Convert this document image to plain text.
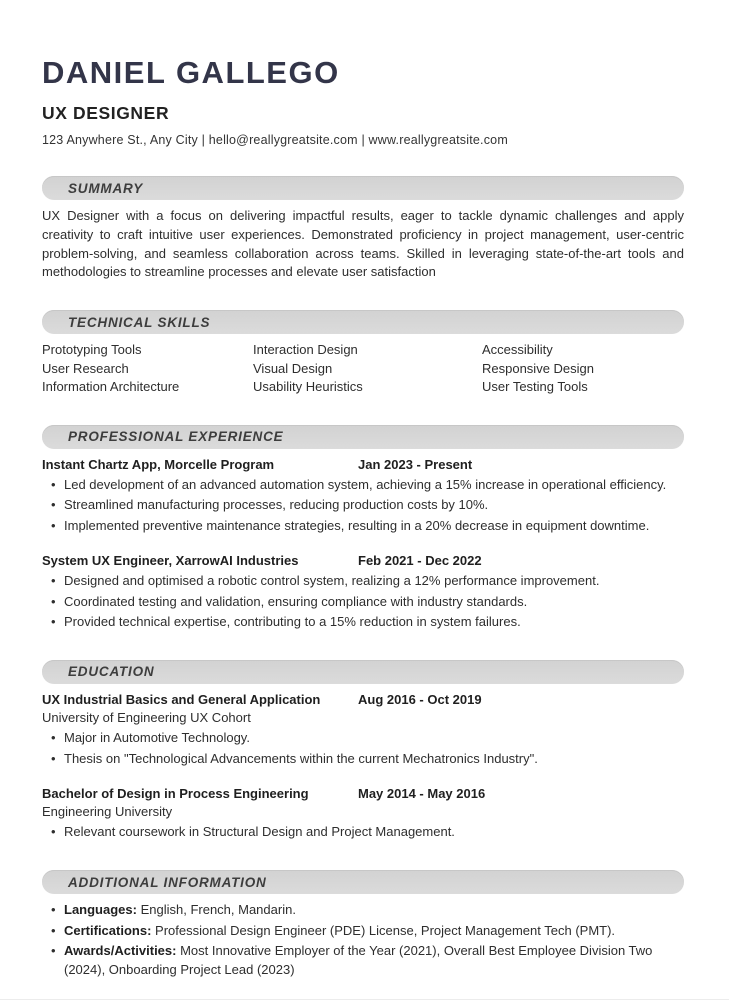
DANIEL GALLEGO
UX DESIGNER
123 Anywhere St., Any City | hello@reallygreatsite.com | www.reallygreatsite.com
SUMMARY
UX Designer with a focus on delivering impactful results, eager to tackle dynamic challenges and apply creativity to craft intuitive user experiences. Demonstrated proficiency in project management, user-centric problem-solving, and seamless collaboration across teams. Skilled in leveraging state-of-the-art tools and methodologies to streamline processes and elevate user satisfaction
TECHNICAL SKILLS
Prototyping Tools	Interaction Design	Accessibility
User Research	Visual Design	Responsive Design
Information Architecture	Usability Heuristics	User Testing Tools
PROFESSIONAL EXPERIENCE
Instant Chartz App, Morcelle Program	Jan 2023 - Present
• Led development of an advanced automation system, achieving a 15% increase in operational efficiency.
• Streamlined manufacturing processes, reducing production costs by 10%.
• Implemented preventive maintenance strategies, resulting in a 20% decrease in equipment downtime.
System UX Engineer, XarrowAI Industries	Feb 2021 - Dec 2022
• Designed and optimised a robotic control system, realizing a 12% performance improvement.
• Coordinated testing and validation, ensuring compliance with industry standards.
• Provided technical expertise, contributing to a 15% reduction in system failures.
EDUCATION
UX Industrial Basics and General Application	Aug 2016 - Oct 2019
University of Engineering UX Cohort
• Major in Automotive Technology.
• Thesis on "Technological Advancements within the current Mechatronics Industry".
Bachelor of Design in Process Engineering	May 2014 - May 2016
Engineering University
• Relevant coursework in Structural Design and Project Management.
ADDITIONAL INFORMATION
• Languages: English, French, Mandarin.
• Certifications: Professional Design Engineer (PDE) License, Project Management Tech (PMT).
• Awards/Activities: Most Innovative Employer of the Year (2021), Overall Best Employee Division Two (2024), Onboarding Project Lead (2023)
